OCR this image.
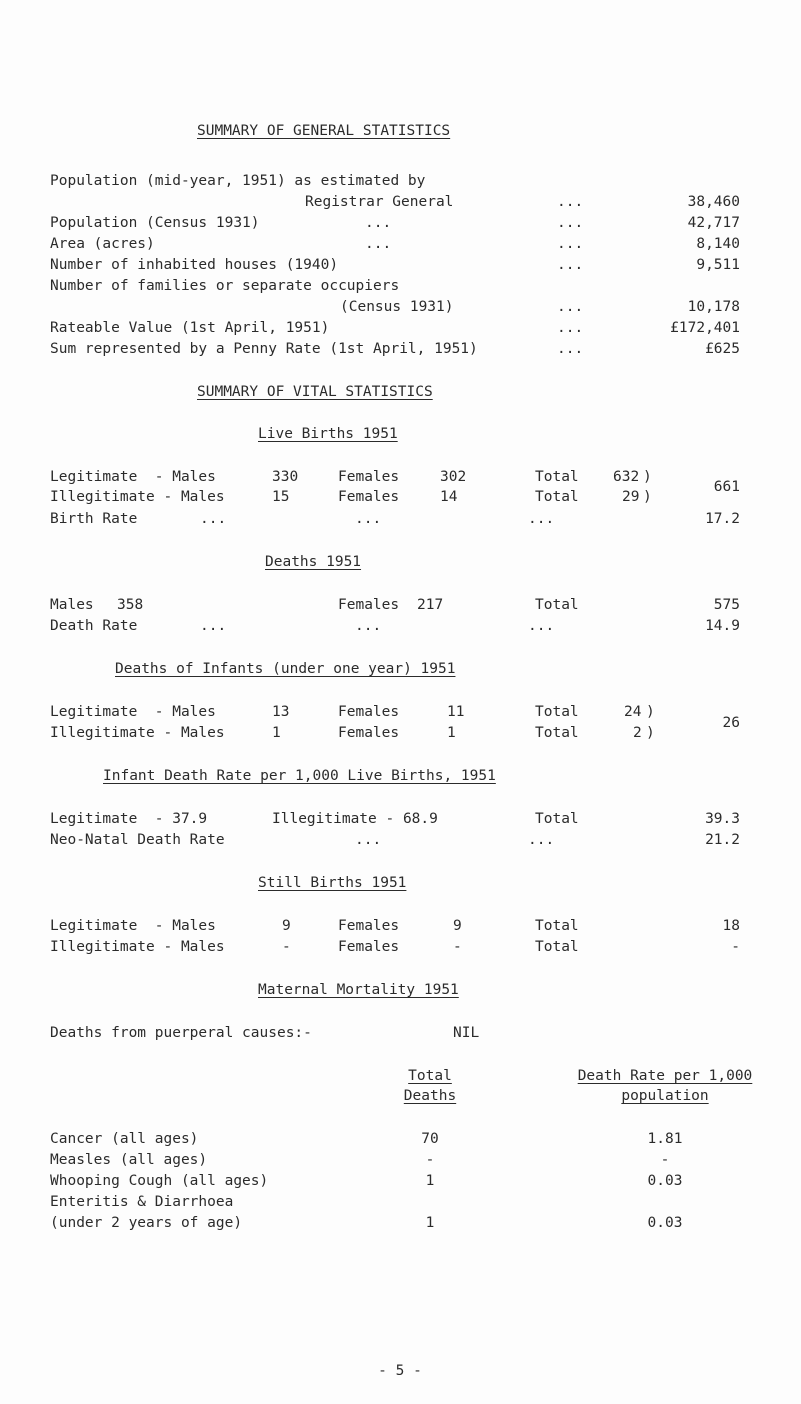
SUMMARY OF GENERAL STATISTICS
Population (mid-year, 1951) as estimated by
Registrar General	...	38,460
Population (Census 1931)	...	...	42,717
Area (acres)	...	...	8,140
Number of inhabited houses (1940)	...	9,511
Number of families or separate occupiers
(Census 1931)	...	10,178
Rateable Value (1st April, 1951)	...	£172,401
Sum represented by a Penny Rate (1st April, 1951)	...	£625
SUMMARY OF VITAL STATISTICS
Live Births 1951
Legitimate  - Males	330	Females	302	Total 632 )
Illegitimate - Males	15	Females	14	Total	29 )
661
Birth Rate	...	...	...	17.2
Deaths 1951
Males 358	Females 217	Total	575
Death Rate	...	...	...	14.9
Deaths of Infants (under one year) 1951
Legitimate  - Males	13	Females	11	Total	24 )
Illegitimate - Males	1	Females	1	Total	2 )
26
Infant Death Rate per 1,000 Live Births, 1951
Legitimate  - 37.9	Illegitimate - 68.9	Total	39.3
Neo-Natal Death Rate	...	...	21.2
Still Births 1951
Legitimate  - Males	9	Females	9	Total	18
Illegitimate - Males	-	Females	-	Total	-
Maternal Mortality 1951
Deaths from puerperal causes:-	NIL
Total
Deaths
Death Rate per 1,000
population
Cancer (all ages)	70	1.81
Measles (all ages)	-	-
Whooping Cough (all ages)	1	0.03
Enteritis & Diarrhoea
(under 2 years of age)	1	0.03
- 5 -
